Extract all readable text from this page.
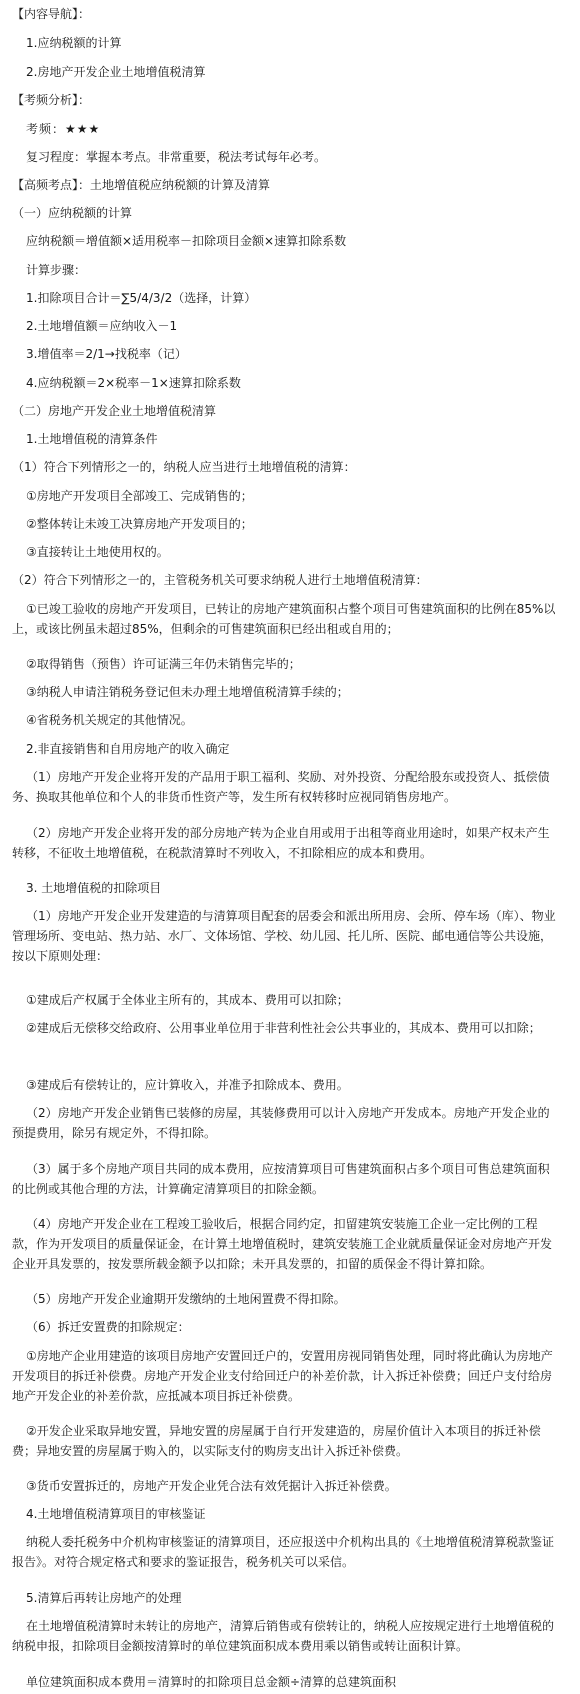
【内容导航】：

1.应纳税额的计算

2.房地产开发企业土地增值税清算

【考频分析】：

考频：★★★

复习程度：掌握本考点。非常重要，税法考试每年必考。

【高频考点】：土地增值税应纳税额的计算及清算

（一）应纳税额的计算

应纳税额＝增值额×适用税率－扣除项目金额×速算扣除系数

计算步骤：

1.扣除项目合计＝∑5/4/3/2（选择，计算）

2.土地增值额＝应纳收入－1

3.增值率＝2/1→找税率（记）

4.应纳税额＝2×税率－1×速算扣除系数

（二）房地产开发企业土地增值税清算

1.土地增值税的清算条件

（1）符合下列情形之一的，纳税人应当进行土地增值税的清算：

①房地产开发项目全部竣工、完成销售的；

②整体转让未竣工决算房地产开发项目的；

③直接转让土地使用权的。

（2）符合下列情形之一的，主管税务机关可要求纳税人进行土地增值税清算：

①已竣工验收的房地产开发项目，已转让的房地产建筑面积占整个项目可售建筑面积的比例在85%以上，或该比例虽未超过85%，但剩余的可售建筑面积已经出租或自用的；

②取得销售（预售）许可证满三年仍未销售完毕的；

③纳税人申请注销税务登记但未办理土地增值税清算手续的；

④省税务机关规定的其他情况。

2.非直接销售和自用房地产的收入确定

（1）房地产开发企业将开发的产品用于职工福利、奖励、对外投资、分配给股东或投资人、抵偿债务、换取其他单位和个人的非货币性资产等，发生所有权转移时应视同销售房地产。

（2）房地产开发企业将开发的部分房地产转为企业自用或用于出租等商业用途时，如果产权未产生转移，不征收土地增值税，在税款清算时不列收入，不扣除相应的成本和费用。

3. 土地增值税的扣除项目

（1）房地产开发企业开发建造的与清算项目配套的居委会和派出所用房、会所、停车场（库）、物业管理场所、变电站、热力站、水厂、文体场馆、学校、幼儿园、托儿所、医院、邮电通信等公共设施，按以下原则处理：

①建成后产权属于全体业主所有的，其成本、费用可以扣除；

②建成后无偿移交给政府、公用事业单位用于非营利性社会公共事业的，其成本、费用可以扣除；

③建成后有偿转让的，应计算收入，并准予扣除成本、费用。

（2）房地产开发企业销售已装修的房屋，其装修费用可以计入房地产开发成本。房地产开发企业的预提费用，除另有规定外，不得扣除。

（3）属于多个房地产项目共同的成本费用，应按清算项目可售建筑面积占多个项目可售总建筑面积的比例或其他合理的方法，计算确定清算项目的扣除金额。

（4）房地产开发企业在工程竣工验收后，根据合同约定，扣留建筑安装施工企业一定比例的工程款，作为开发项目的质量保证金，在计算土地增值税时，建筑安装施工企业就质量保证金对房地产开发企业开具发票的，按发票所载金额予以扣除；未开具发票的，扣留的质保金不得计算扣除。

（5）房地产开发企业逾期开发缴纳的土地闲置费不得扣除。

（6）拆迁安置费的扣除规定：

①房地产企业用建造的该项目房地产安置回迁户的，安置用房视同销售处理，同时将此确认为房地产开发项目的拆迁补偿费。房地产开发企业支付给回迁户的补差价款，计入拆迁补偿费；回迁户支付给房地产开发企业的补差价款，应抵减本项目拆迁补偿费。

②开发企业采取异地安置，异地安置的房屋属于自行开发建造的，房屋价值计入本项目的拆迁补偿费；异地安置的房屋属于购入的，以实际支付的购房支出计入拆迁补偿费。

③货币安置拆迁的，房地产开发企业凭合法有效凭据计入拆迁补偿费。

4.土地增值税清算项目的审核鉴证

纳税人委托税务中介机构审核鉴证的清算项目，还应报送中介机构出具的《土地增值税清算税款鉴证报告》。对符合规定格式和要求的鉴证报告，税务机关可以采信。

5.清算后再转让房地产的处理

在土地增值税清算时未转让的房地产，清算后销售或有偿转让的，纳税人应按规定进行土地增值税的纳税申报，扣除项目金额按清算时的单位建筑面积成本费用乘以销售或转让面积计算。

单位建筑面积成本费用＝清算时的扣除项目总金额÷清算的总建筑面积
